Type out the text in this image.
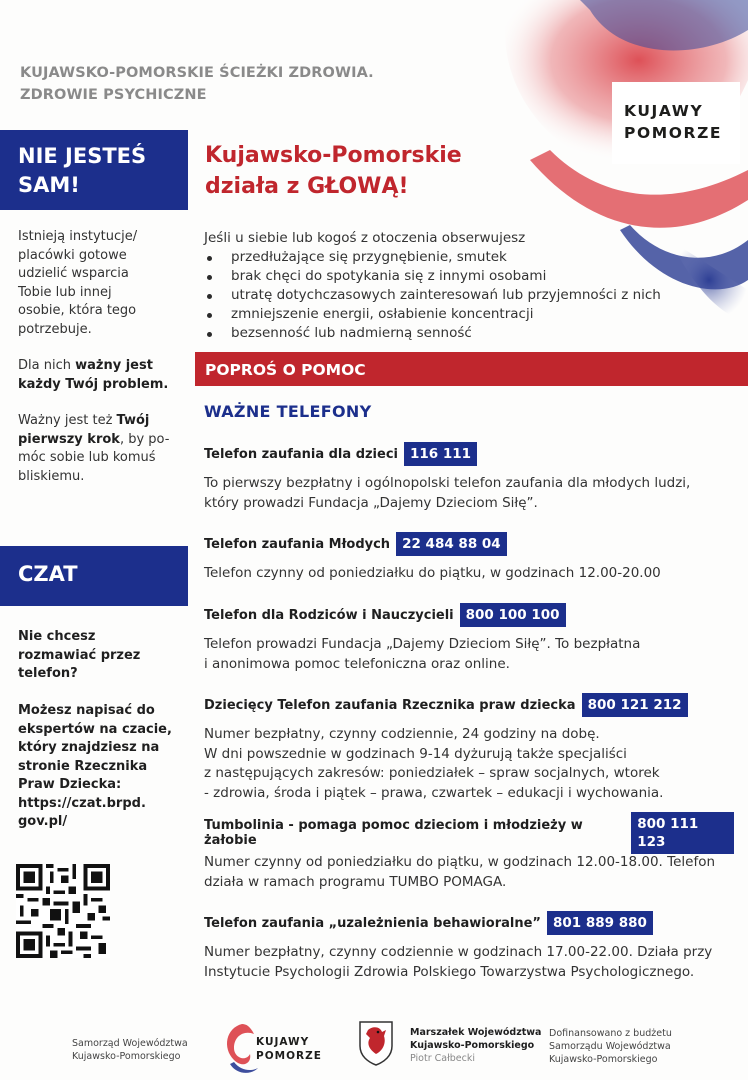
KUJAWSKO-POMORSKIE ŚCIEŻKI ZDROWIA.
ZDROWIE PSYCHICZNE
KUJAWY
POMORZE
NIE JESTEŚ
SAM!
Istnieją instytucje/
placówki gotowe
udzielić wsparcia
Tobie lub innej
osobie, która tego
potrzebuje.
Dla nich ważny jest
każdy Twój problem.
Ważny jest też Twój
pierwszy krok, by po-
móc sobie lub komuś
bliskiemu.
CZAT
Nie chcesz
rozmawiać przez
telefon?
Możesz napisać do
ekspertów na czacie,
który znajdziesz na
stronie Rzecznika
Praw Dziecka:
https://czat.brpd.
gov.pl/
Kujawsko-Pomorskie
działa z GŁOWĄ!
Jeśli u siebie lub kogoś z otoczenia obserwujesz
przedłużające się przygnębienie, smutek
brak chęci do spotykania się z innymi osobami
utratę dotychczasowych zainteresowań lub przyjemności z nich
zmniejszenie energii, osłabienie koncentracji
bezsenność lub nadmierną senność
POPROŚ O POMOC
WAŻNE TELEFONY
Telefon zaufania dla dzieci 116 111
To pierwszy bezpłatny i ogólnopolski telefon zaufania dla młodych ludzi,
który prowadzi Fundacja „Dajemy Dzieciom Siłę”.
Telefon zaufania Młodych 22 484 88 04
Telefon czynny od poniedziałku do piątku, w godzinach 12.00-20.00
Telefon dla Rodziców i Nauczycieli 800 100 100
Telefon prowadzi Fundacja „Dajemy Dzieciom Siłę”. To bezpłatna
i anonimowa pomoc telefoniczna oraz online.
Dziecięcy Telefon zaufania Rzecznika praw dziecka 800 121 212
Numer bezpłatny, czynny codziennie, 24 godziny na dobę.
W dni powszednie w godzinach 9-14 dyżurują także specjaliści
z następujących zakresów: poniedziałek – spraw socjalnych, wtorek
- zdrowia, środa i piątek – prawa, czwartek – edukacji i wychowania.
Tumbolinia - pomaga pomoc dzieciom i młodzieży w żałobie
800 111 123
Numer czynny od poniedziałku do piątku, w godzinach 12.00-18.00. Telefon
działa w ramach programu TUMBO POMAGA.
Telefon zaufania „uzależnienia behawioralne” 801 889 880
Numer bezpłatny, czynny codziennie w godzinach 17.00-22.00. Działa przy
Instytucie Psychologii Zdrowia Polskiego Towarzystwa Psychologicznego.
Samorząd Województwa
Kujawsko-Pomorskiego
KUJAWY
POMORZE
Marszałek Województwa
Kujawsko-Pomorskiego
Piotr Całbecki
Dofinansowano z budżetu
Samorządu Województwa
Kujawsko-Pomorskiego
